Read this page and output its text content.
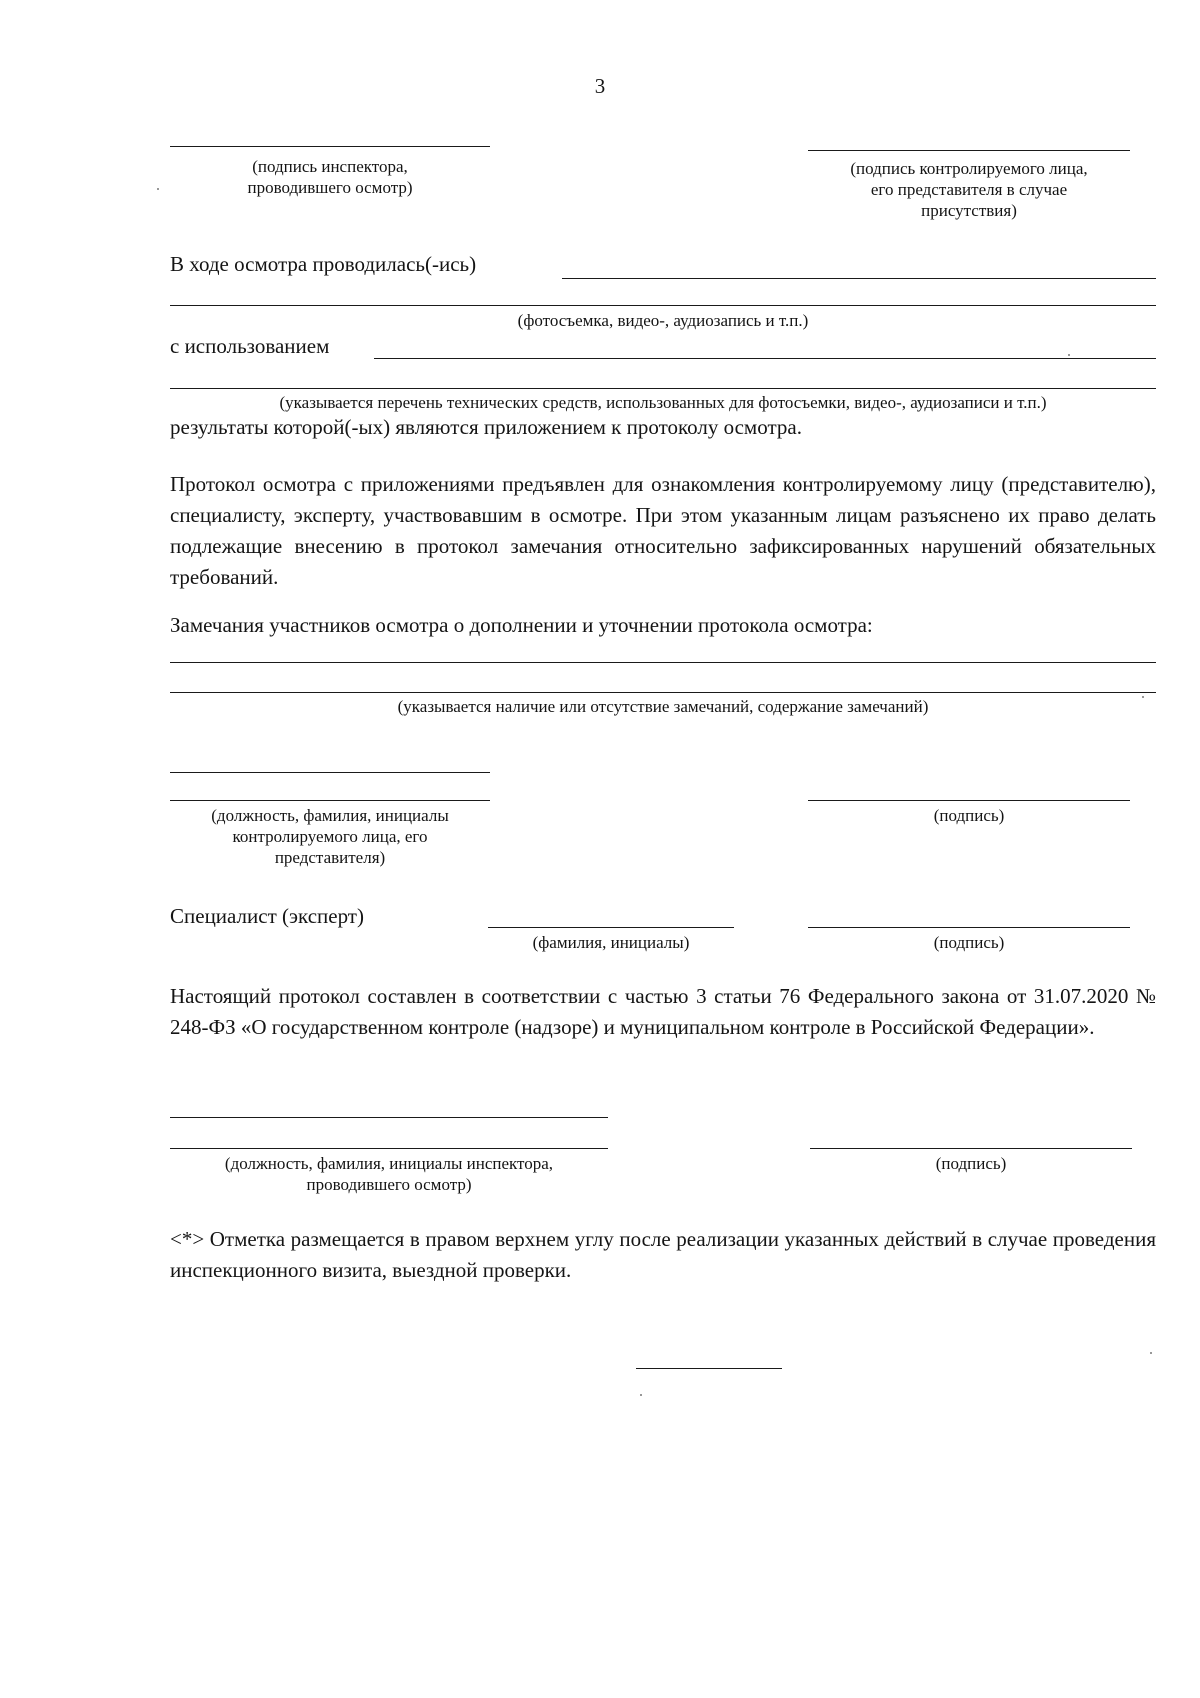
3
(подпись инспектора,
проводившего осмотр)
(подпись контролируемого лица,
его представителя в случае
присутствия)
В ходе осмотра проводилась(-ись)
(фотосъемка, видео-, аудиозапись и т.п.)
с использованием
(указывается перечень технических средств, использованных для фотосъемки, видео-, аудиозаписи и т.п.)
результаты которой(-ых) являются приложением к протоколу осмотра.
Протокол осмотра с приложениями предъявлен для ознакомления контролируемому лицу (представителю), специалисту, эксперту, участвовавшим в осмотре. При этом указанным лицам разъяснено их право делать подлежащие внесению в протокол замечания относительно зафиксированных нарушений обязательных требований.
Замечания участников осмотра о дополнении и уточнении протокола осмотра:
(указывается наличие или отсутствие замечаний, содержание замечаний)
(должность, фамилия, инициалы
контролируемого лица, его
представителя)
(подпись)
Специалист (эксперт)
(фамилия, инициалы)	(подпись)
Настоящий протокол составлен в соответствии с частью 3 статьи 76 Федерального закона от 31.07.2020 № 248-ФЗ «О государственном контроле (надзоре) и муниципальном контроле в Российской Федерации».
(должность, фамилия, инициалы инспектора,
проводившего осмотр)
(подпись)
<*> Отметка размещается в правом верхнем углу после реализации указанных действий в случае проведения инспекционного визита, выездной проверки.
